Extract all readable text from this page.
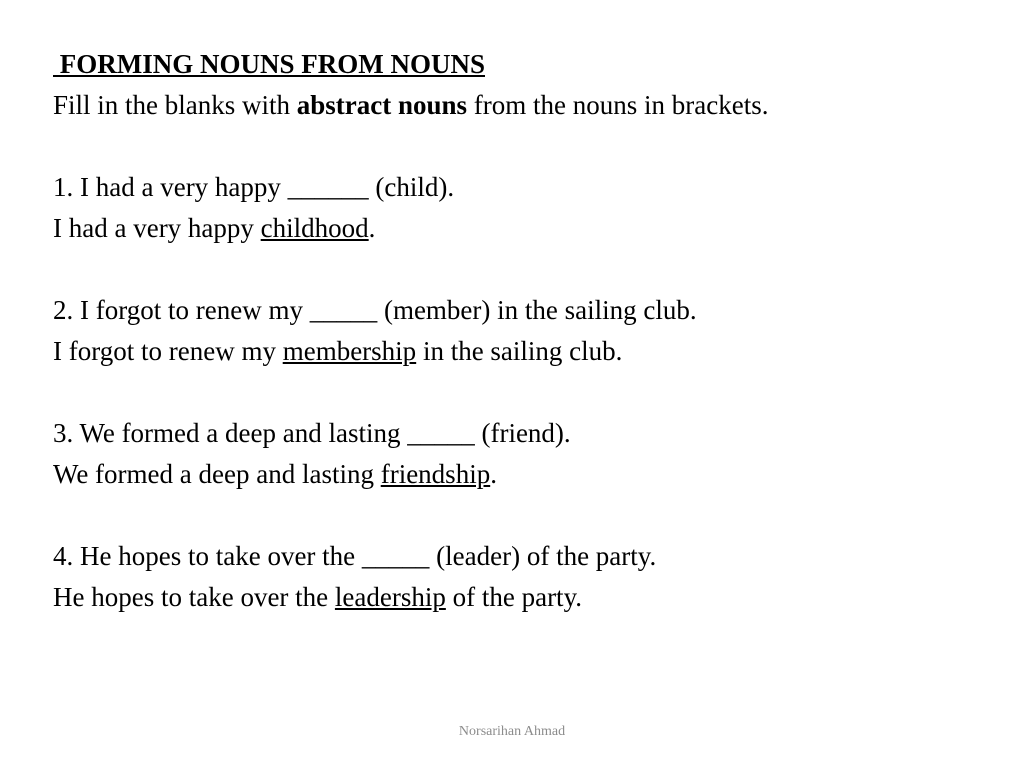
FORMING NOUNS FROM NOUNS
Fill in the blanks with abstract nouns from the nouns in brackets.
1. I had a very happy ______ (child).
I had a very happy childhood.
2. I forgot to renew my _____ (member) in the sailing club.
I forgot to renew my membership in the sailing club.
3. We formed a deep and lasting _____ (friend).
We formed a deep and lasting friendship.
4. He hopes to take over the _____ (leader) of the party.
He hopes to take over the leadership of the party.
Norsarihan Ahmad
